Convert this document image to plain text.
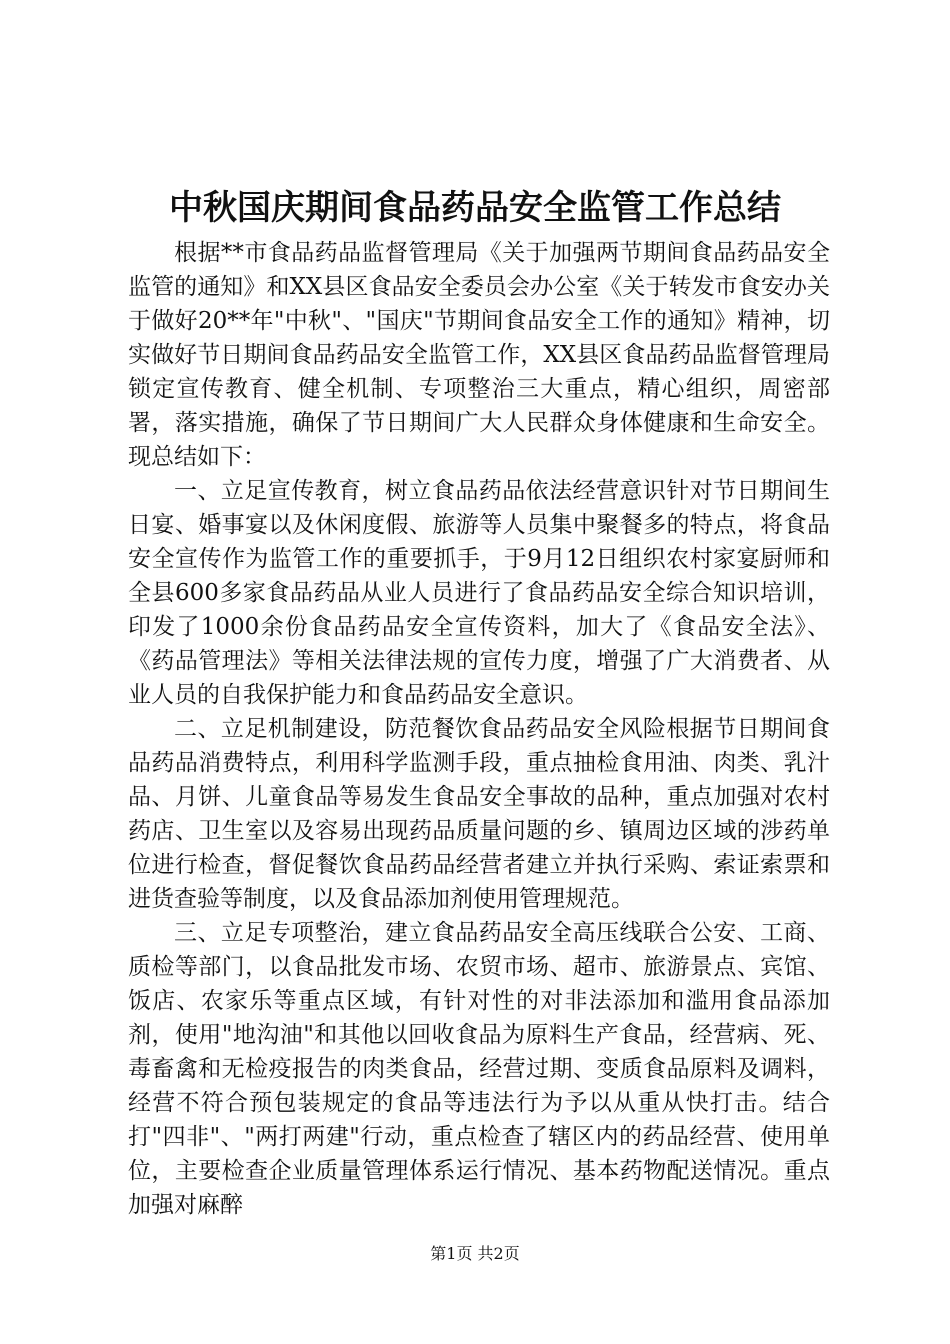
中秋国庆期间食品药品安全监管工作总结

根据**市食品药品监督管理局《关于加强两节期间食品药品安全监管的通知》和XX县区食品安全委员会办公室《关于转发市食安办关于做好20**年"中秋"、"国庆"节期间食品安全工作的通知》精神，切实做好节日期间食品药品安全监管工作，XX县区食品药品监督管理局锁定宣传教育、健全机制、专项整治三大重点，精心组织，周密部署，落实措施，确保了节日期间广大人民群众身体健康和生命安全。现总结如下：

一、立足宣传教育，树立食品药品依法经营意识针对节日期间生日宴、婚事宴以及休闲度假、旅游等人员集中聚餐多的特点，将食品安全宣传作为监管工作的重要抓手，于9月12日组织农村家宴厨师和全县600多家食品药品从业人员进行了食品药品安全综合知识培训，印发了1000余份食品药品安全宣传资料，加大了《食品安全法》、《药品管理法》等相关法律法规的宣传力度，增强了广大消费者、从业人员的自我保护能力和食品药品安全意识。

二、立足机制建设，防范餐饮食品药品安全风险根据节日期间食品药品消费特点，利用科学监测手段，重点抽检食用油、肉类、乳汁品、月饼、儿童食品等易发生食品安全事故的品种，重点加强对农村药店、卫生室以及容易出现药品质量问题的乡、镇周边区域的涉药单位进行检查，督促餐饮食品药品经营者建立并执行采购、索证索票和进货查验等制度，以及食品添加剂使用管理规范。

三、立足专项整治，建立食品药品安全高压线联合公安、工商、质检等部门，以食品批发市场、农贸市场、超市、旅游景点、宾馆、饭店、农家乐等重点区域，有针对性的对非法添加和滥用食品添加剂，使用"地沟油"和其他以回收食品为原料生产食品，经营病、死、毒畜禽和无检疫报告的肉类食品，经营过期、变质食品原料及调料，经营不符合预包装规定的食品等违法行为予以从重从快打击。结合打"四非"、"两打两建"行动，重点检查了辖区内的药品经营、使用单位，主要检查企业质量管理体系运行情况、基本药物配送情况。重点加强对麻醉

第1页 共2页
